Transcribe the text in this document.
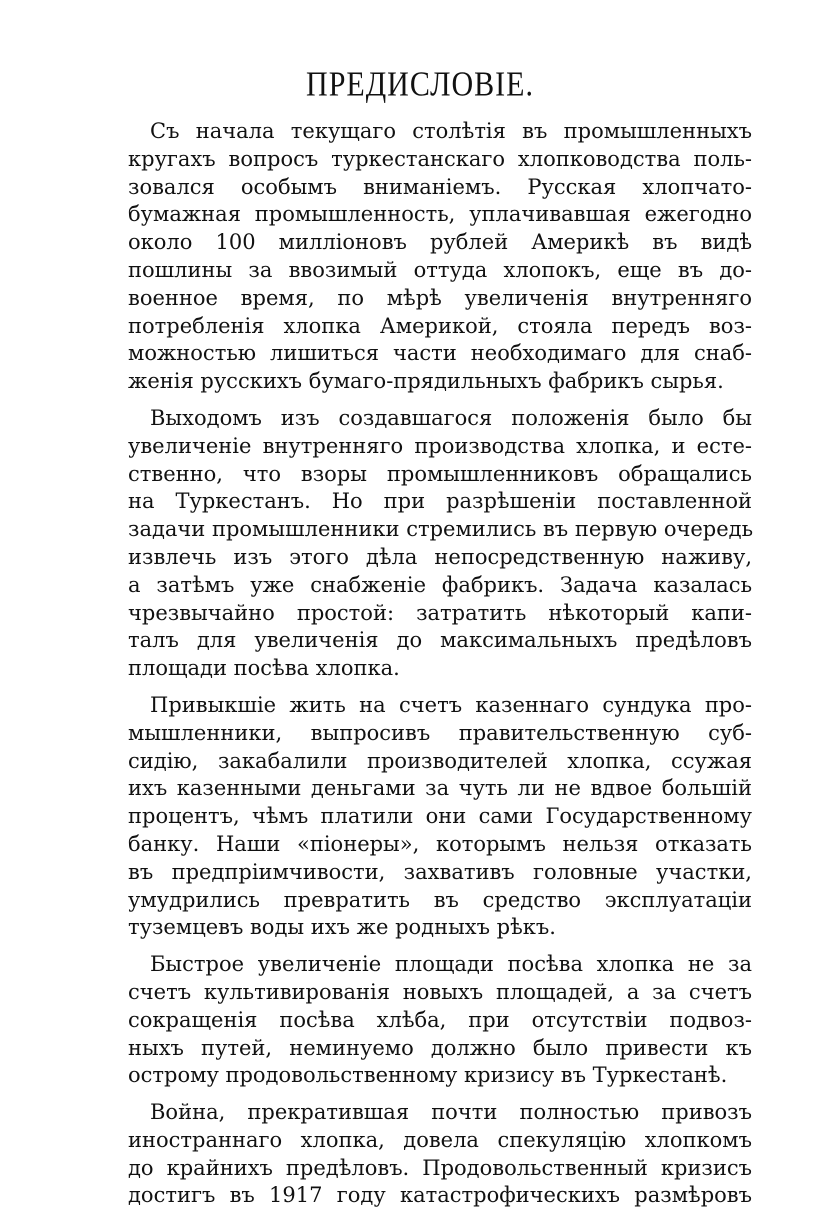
ПРЕДИСЛОВІЕ.
Съ начала текущаго столѣтія въ промышленныхъ
кругахъ вопросъ туркестанскаго хлопководства поль-
зовался особымъ вниманіемъ. Русская хлопчато-
бумажная промышленность, уплачивавшая ежегодно
около 100 милліоновъ рублей Америкѣ въ видѣ
пошлины за ввозимый оттуда хлопокъ, еще въ до-
военное время, по мѣрѣ увеличенія внутренняго
потребленія хлопка Америкой, стояла передъ воз-
можностью лишиться части необходимаго для снаб-
женія русскихъ бумаго-прядильныхъ фабрикъ сырья.
Выходомъ изъ создавшагося положенія было бы
увеличеніе внутренняго производства хлопка, и есте-
ственно, что взоры промышленниковъ обращались
на Туркестанъ. Но при разрѣшеніи поставленной
задачи промышленники стремились въ первую очередь
извлечь изъ этого дѣла непосредственную наживу,
а затѣмъ уже снабженіе фабрикъ. Задача казалась
чрезвычайно простой: затратить нѣкоторый капи-
талъ для увеличенія до максимальныхъ предѣловъ
площади посѣва хлопка.
Привыкшіе жить на счетъ казеннаго сундука про-
мышленники, выпросивъ правительственную суб-
сидію, закабалили производителей хлопка, ссужая
ихъ казенными деньгами за чуть ли не вдвое большій
процентъ, чѣмъ платили они сами Государственному
банку. Наши «піонеры», которымъ нельзя отказать
въ предпріимчивости, захвативъ головные участки,
умудрились превратить въ средство эксплуатаціи
туземцевъ воды ихъ же родныхъ рѣкъ.
Быстрое увеличеніе площади посѣва хлопка не за
счетъ культивированія новыхъ площадей, а за счетъ
сокращенія посѣва хлѣба, при отсутствіи подвоз-
ныхъ путей, неминуемо должно было привести къ
острому продовольственному кризису въ Туркестанѣ.
Война, прекратившая почти полностью привозъ
иностраннаго хлопка, довела спекуляцію хлопкомъ
до крайнихъ предѣловъ. Продовольственный кризисъ
достигъ въ 1917 году катастрофическихъ размѣровъ
